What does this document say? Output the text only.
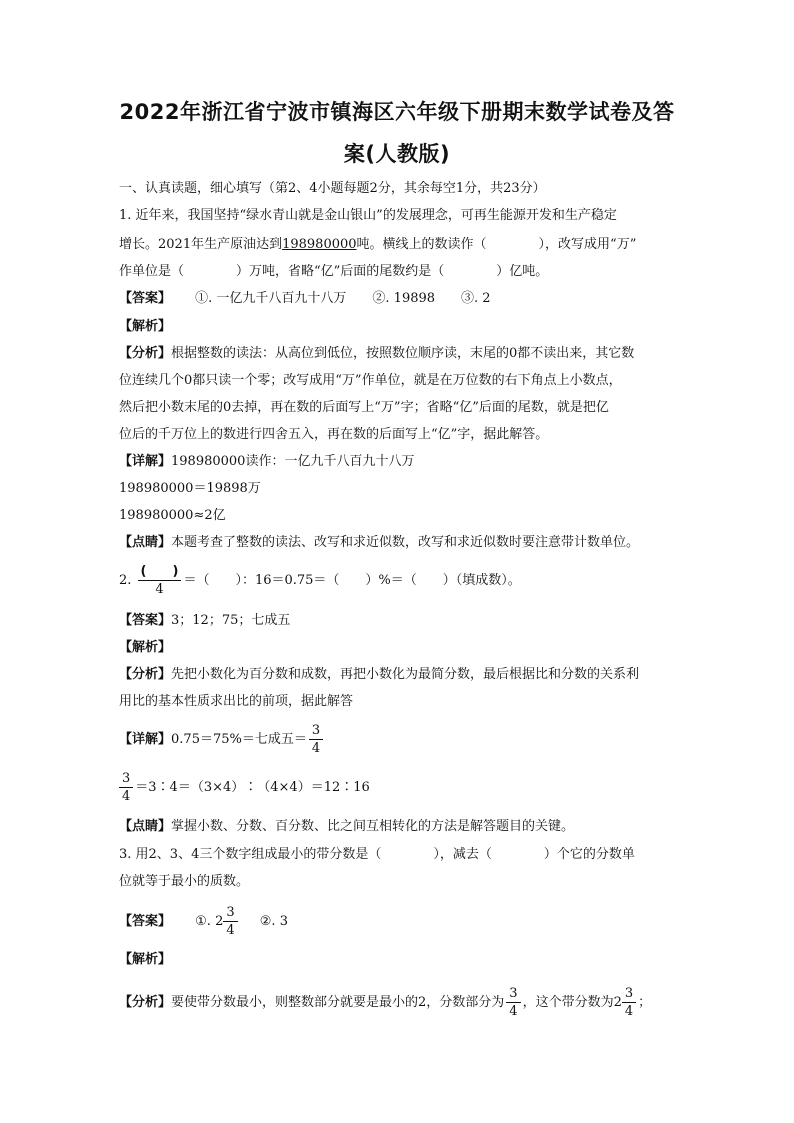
2022年浙江省宁波市镇海区六年级下册期末数学试卷及答
案(人教版)
一、认真读题，细心填写（第2、4小题每题2分，其余每空1分，共23分）
1. 近年来，我国坚持“绿水青山就是金山银山”的发展理念，可再生能源开发和生产稳定
增长。2021年生产原油达到198980000吨。横线上的数读作（　　　　），改写成用“万”
作单位是（　　　　）万吨，省略“亿”后面的尾数约是（　　　　）亿吨。
【答案】 ①. 一亿九千八百九十八万　　②. 19898　　③. 2
【解析】
【分析】根据整数的读法：从高位到低位，按照数位顺序读，末尾的0都不读出来，其它数
位连续几个0都只读一个零；改写成用“万”作单位，就是在万位数的右下角点上小数点，
然后把小数末尾的0去掉，再在数的后面写上“万”字；省略“亿”后面的尾数，就是把亿
位后的千万位上的数进行四舍五入，再在数的后面写上“亿”字，据此解答。
【详解】198980000读作：一亿九千八百九十八万
198980000＝19898万
198980000≈2亿
【点睛】本题考查了整数的读法、改写和求近似数，改写和求近似数时要注意带计数单位。
2. $\frac{( )}{4}$ ＝（　　）：16＝0.75＝（　　）%＝（　　）（填成数）。
【答案】3；12；75；七成五
【解析】
【分析】先把小数化为百分数和成数，再把小数化为最简分数，最后根据比和分数的关系利
用比的基本性质求出比的前项，据此解答
【详解】0.75＝75%＝七成五＝ $\frac{3}{4}$
$\frac{3}{4}$ ＝3∶4＝（3×4）∶（4×4）＝12∶16
【点睛】掌握小数、分数、百分数、比之间互相转化的方法是解答题目的关键。
3. 用2、3、4三个数字组成最小的带分数是（　　　　），减去（　　　　）个它的分数单
位就等于最小的质数。
【答案】 ①. $2 \frac{3}{4}$ ②. 3
【解析】
【分析】要使带分数最小，则整数部分就要是最小的2，分数部分为 $\frac{3}{4}$ ，这个带分数为$2 \frac{3}{4}$ ；
